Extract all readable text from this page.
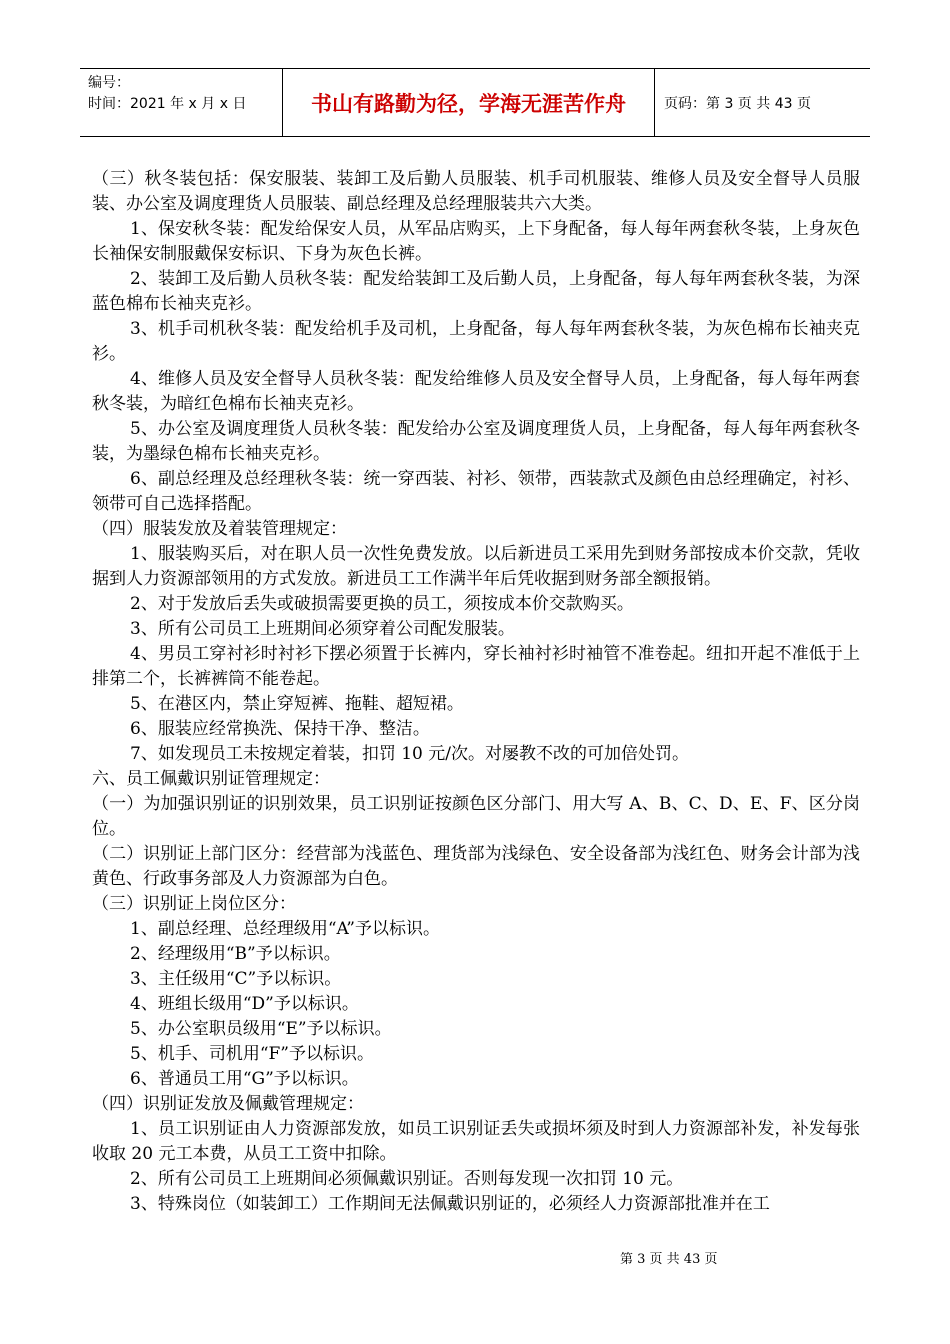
编号：
时间：2021 年 x 月 x 日	书山有路勤为径，学海无涯苦作舟	页码：第 3 页 共 43 页

（三）秋冬装包括：保安服装、装卸工及后勤人员服装、机手司机服装、维修人员及安全督导人员服装、办公室及调度理货人员服装、副总经理及总经理服装共六大类。

1、保安秋冬装：配发给保安人员，从军品店购买，上下身配备，每人每年两套秋冬装，上身灰色长袖保安制服戴保安标识、下身为灰色长裤。

2、装卸工及后勤人员秋冬装：配发给装卸工及后勤人员，上身配备，每人每年两套秋冬装，为深蓝色棉布长袖夹克衫。

3、机手司机秋冬装：配发给机手及司机，上身配备，每人每年两套秋冬装，为灰色棉布长袖夹克衫。

4、维修人员及安全督导人员秋冬装：配发给维修人员及安全督导人员，上身配备，每人每年两套秋冬装，为暗红色棉布长袖夹克衫。

5、办公室及调度理货人员秋冬装：配发给办公室及调度理货人员，上身配备，每人每年两套秋冬装，为墨绿色棉布长袖夹克衫。

6、副总经理及总经理秋冬装：统一穿西装、衬衫、领带，西装款式及颜色由总经理确定，衬衫、领带可自己选择搭配。

（四）服装发放及着装管理规定：

1、服装购买后，对在职人员一次性免费发放。以后新进员工采用先到财务部按成本价交款，凭收据到人力资源部领用的方式发放。新进员工工作满半年后凭收据到财务部全额报销。

2、对于发放后丢失或破损需要更换的员工，须按成本价交款购买。

3、所有公司员工上班期间必须穿着公司配发服装。

4、男员工穿衬衫时衬衫下摆必须置于长裤内，穿长袖衬衫时袖管不准卷起。纽扣开起不准低于上排第二个，长裤裤筒不能卷起。

5、在港区内，禁止穿短裤、拖鞋、超短裙。

6、服装应经常换洗、保持干净、整洁。

7、如发现员工未按规定着装，扣罚 10 元/次。对屡教不改的可加倍处罚。

六、员工佩戴识别证管理规定：

（一）为加强识别证的识别效果，员工识别证按颜色区分部门、用大写 A、B、C、D、E、F、区分岗位。

（二）识别证上部门区分：经营部为浅蓝色、理货部为浅绿色、安全设备部为浅红色、财务会计部为浅黄色、行政事务部及人力资源部为白色。

（三）识别证上岗位区分：

1、副总经理、总经理级用“A”予以标识。

2、经理级用“B”予以标识。

3、主任级用“C”予以标识。

4、班组长级用“D”予以标识。

5、办公室职员级用“E”予以标识。

5、机手、司机用“F”予以标识。

6、普通员工用“G”予以标识。

（四）识别证发放及佩戴管理规定：

1、员工识别证由人力资源部发放，如员工识别证丢失或损坏须及时到人力资源部补发，补发每张收取 20 元工本费，从员工工资中扣除。

2、所有公司员工上班期间必须佩戴识别证。否则每发现一次扣罚 10 元。

3、特殊岗位（如装卸工）工作期间无法佩戴识别证的，必须经人力资源部批准并在工

第 3 页 共 43 页
